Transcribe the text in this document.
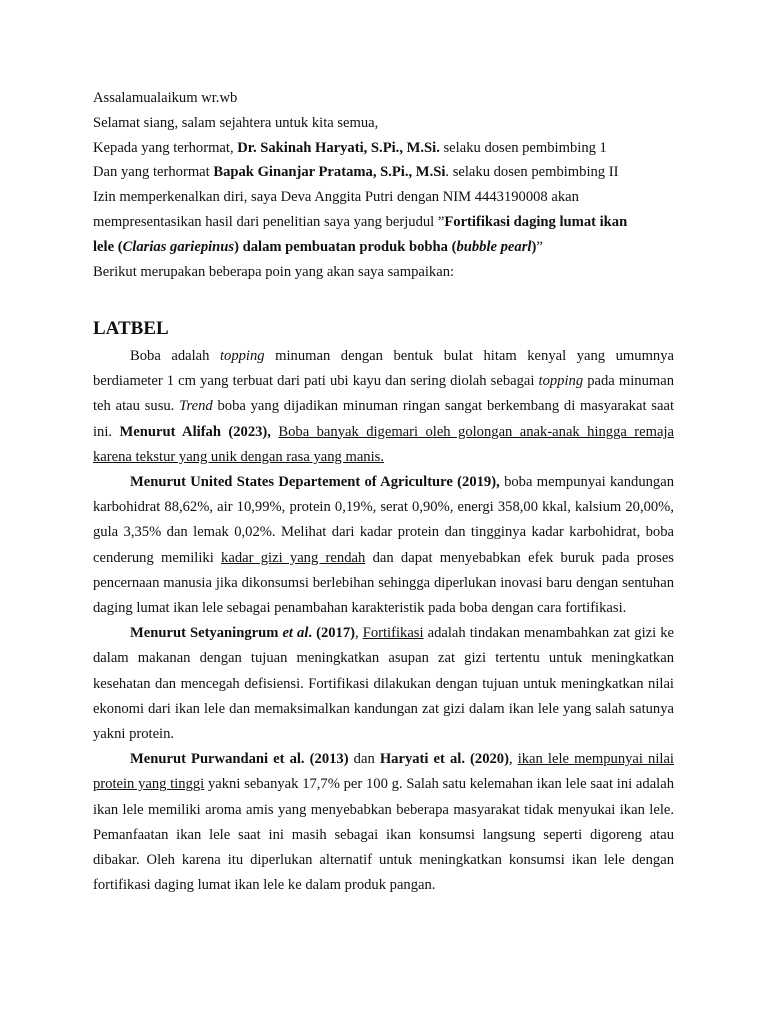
Assalamualaikum wr.wb
Selamat siang, salam sejahtera untuk kita semua,
Kepada yang terhormat, Dr. Sakinah Haryati, S.Pi., M.Si. selaku dosen pembimbing 1
Dan yang terhormat Bapak Ginanjar Pratama, S.Pi., M.Si. selaku dosen pembimbing II
Izin memperkenalkan diri, saya Deva Anggita Putri dengan NIM 4443190008 akan
mempresentasikan hasil dari penelitian saya yang berjudul ”Fortifikasi daging lumat ikan
lele (Clarias gariepinus) dalam pembuatan produk bobha (bubble pearl)”
Berikut merupakan beberapa poin yang akan saya sampaikan:
LATBEL

Boba adalah topping minuman dengan bentuk bulat hitam kenyal yang umumnya berdiameter 1 cm yang terbuat dari pati ubi kayu dan sering diolah sebagai topping pada minuman teh atau susu. Trend boba yang dijadikan minuman ringan sangat berkembang di masyarakat saat ini. Menurut Alifah (2023), Boba banyak digemari oleh golongan anak-anak hingga remaja karena tekstur yang unik dengan rasa yang manis.

Menurut United States Departement of Agriculture (2019), boba mempunyai kandungan karbohidrat 88,62%, air 10,99%, protein 0,19%, serat 0,90%, energi 358,00 kkal, kalsium 20,00%, gula 3,35% dan lemak 0,02%. Melihat dari kadar protein dan tingginya kadar karbohidrat, boba cenderung memiliki kadar gizi yang rendah dan dapat menyebabkan efek buruk pada proses pencernaan manusia jika dikonsumsi berlebihan sehingga diperlukan inovasi baru dengan sentuhan daging lumat ikan lele sebagai penambahan karakteristik pada boba dengan cara fortifikasi.

Menurut Setyaningrum et al. (2017), Fortifikasi adalah tindakan menambahkan zat gizi ke dalam makanan dengan tujuan meningkatkan asupan zat gizi tertentu untuk meningkatkan kesehatan dan mencegah defisiensi. Fortifikasi dilakukan dengan tujuan untuk meningkatkan nilai ekonomi dari ikan lele dan memaksimalkan kandungan zat gizi dalam ikan lele yang salah satunya yakni protein.

Menurut Purwandani et al. (2013) dan Haryati et al. (2020), ikan lele mempunyai nilai protein yang tinggi yakni sebanyak 17,7% per 100 g. Salah satu kelemahan ikan lele saat ini adalah ikan lele memiliki aroma amis yang menyebabkan beberapa masyarakat tidak menyukai ikan lele. Pemanfaatan ikan lele saat ini masih sebagai ikan konsumsi langsung seperti digoreng atau dibakar. Oleh karena itu diperlukan alternatif untuk meningkatkan konsumsi ikan lele dengan fortifikasi daging lumat ikan lele ke dalam produk pangan.
